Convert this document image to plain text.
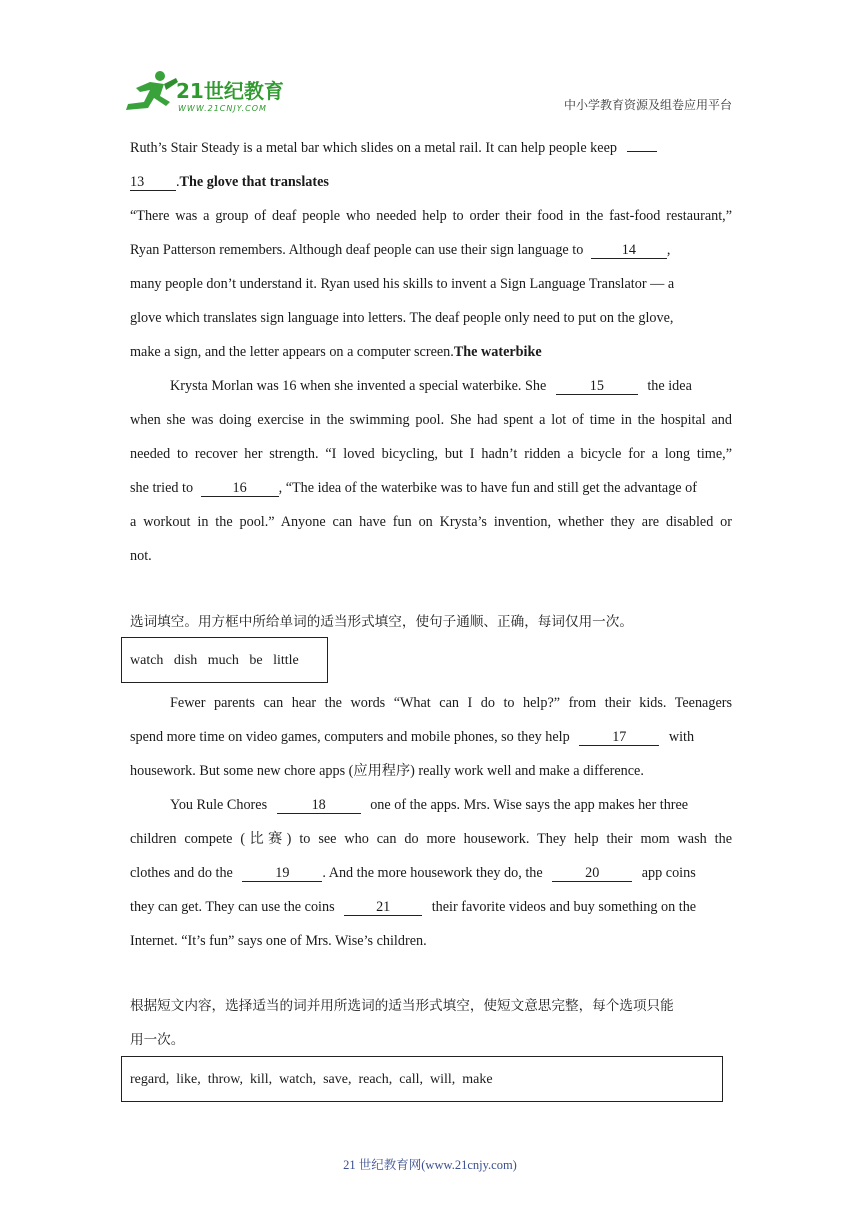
21世纪教育
WWW.21CNJY.COM	中小学教育资源及组卷应用平台
Ruth’s Stair Steady is a metal bar which slides on a metal rail. It can help people keep
13 .The glove that translates
“There was a group of deaf people who needed help to order their food in the fast-food restaurant,”
Ryan Patterson remembers. Although deaf people can use their sign language to	14 ,
many people don’t understand it. Ryan used his skills to invent a Sign Language Translator — a
glove which translates sign language into letters. The deaf people only need to put on the glove,
make a sign, and the letter appears on a computer screen.The waterbike
Krysta Morlan was 16 when she invented a special waterbike. She	15	the idea
when she was doing exercise in the swimming pool. She had spent a lot of time in the hospital and
needed to recover her strength. “I loved bicycling, but I hadn’t ridden a bicycle for a long time,”
she tried to	16 , “The idea of the waterbike was to have fun and still get the advantage of
a workout in the pool.” Anyone can have fun on Krysta’s invention, whether they are disabled or
not.
选词填空。用方框中所给单词的适当形式填空，使句子通顺、正确，每词仅用一次。
watch   dish   much   be   little
Fewer parents can hear the words “What can I do to help?” from their kids. Teenagers
spend more time on video games, computers and mobile phones, so they help	17	with
housework. But some new chore apps (应用程序) really work well and make a difference.
You Rule Chores	18	one of the apps. Mrs. Wise says the app makes her three
children compete (比赛) to see who can do more housework. They help their mom wash the
clothes and do the	19 . And the more housework they do, the	20	app coins
they can get. They can use the coins	21	their favorite videos and buy something on the
Internet. “It’s fun” says one of Mrs. Wise’s children.
根据短文内容，选择适当的词并用所选词的适当形式填空，使短文意思完整，每个选项只能
用一次。
regard,  like,  throw,  kill,  watch,  save,  reach,  call,  will,  make
21 世纪教育网(www.21cnjy.com)
